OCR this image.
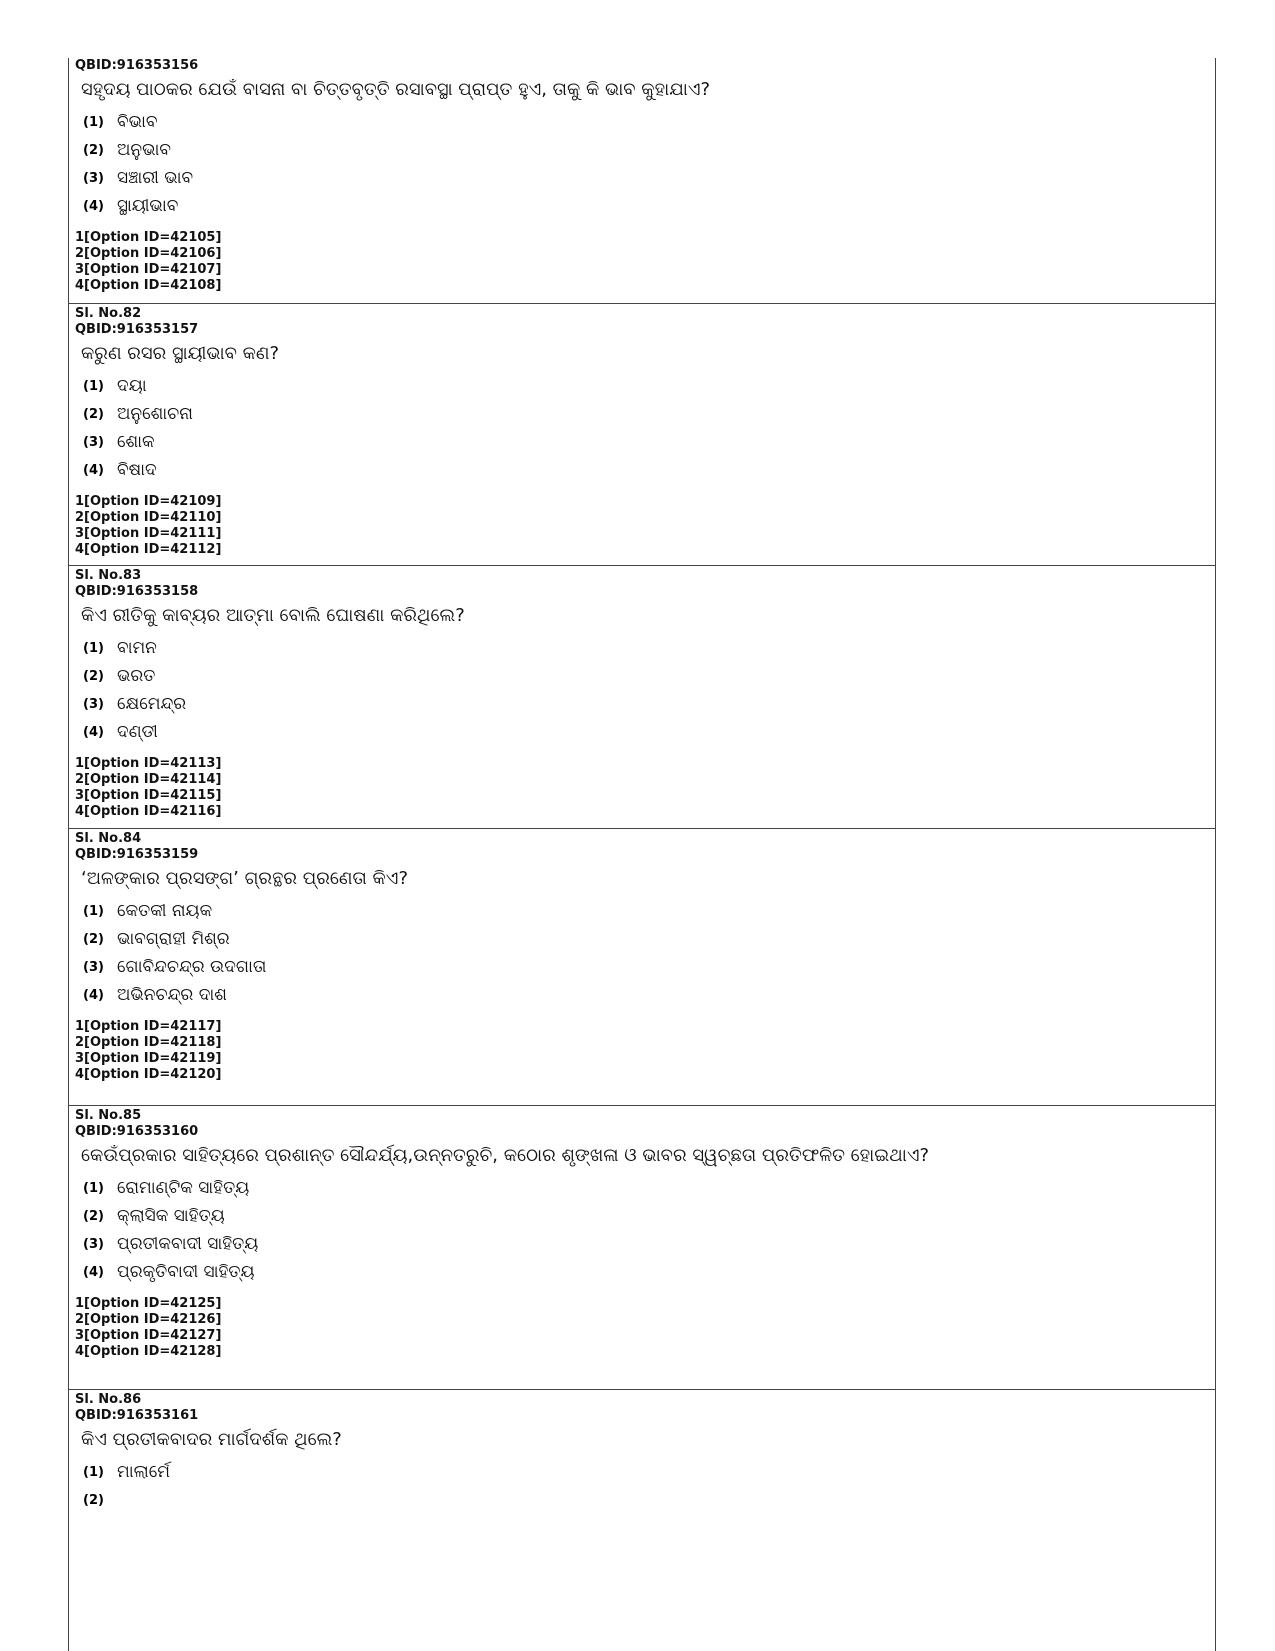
QBID:916353156
ସହୃଦୟ ପାଠକର ଯେଉଁ ବାସନା ବା ଚିତ୍ତବୃତ୍ତି ରସାବସ୍ଥା ପ୍ରାପ୍ତ ହୁଏ, ତାକୁ କି ଭାବ କୁହାଯାଏ?
(1) ବିଭାବ
(2) ଅନୁଭାବ
(3) ସଞ୍ଚାରୀ ଭାବ
(4) ସ୍ଥାୟୀଭାବ
1[Option ID=42105]
2[Option ID=42106]
3[Option ID=42107]
4[Option ID=42108]
Sl. No.82
QBID:916353157
କରୁଣ ରସର ସ୍ଥାୟୀଭାବ କଣ?
(1) ଦୟା
(2) ଅନୁଶୋଚନା
(3) ଶୋକ
(4) ବିଷାଦ
1[Option ID=42109]
2[Option ID=42110]
3[Option ID=42111]
4[Option ID=42112]
Sl. No.83
QBID:916353158
କିଏ ରୀତିକୁ କାବ୍ୟର ଆତ୍ମା ବୋଲି ଘୋଷଣା କରିଥିଲେ?
(1) ବାମନ
(2) ଭରତ
(3) କ୍ଷେମେନ୍ଦ୍ର
(4) ଦଣ୍ଡୀ
1[Option ID=42113]
2[Option ID=42114]
3[Option ID=42115]
4[Option ID=42116]
Sl. No.84
QBID:916353159
‘ଅଳଙ୍କାର ପ୍ରସଙ୍ଗ’ ଗ୍ରନ୍ଥର ପ୍ରଣେତା କିଏ?
(1) କେତକୀ ନାୟକ
(2) ଭାବଗ୍ରାହୀ ମିଶ୍ର
(3) ଗୋବିନ୍ଦଚନ୍ଦ୍ର ଉଦଗାତା
(4) ଅଭିନଚନ୍ଦ୍ର ଦାଶ
1[Option ID=42117]
2[Option ID=42118]
3[Option ID=42119]
4[Option ID=42120]
Sl. No.85
QBID:916353160
କେଉଁପ୍ରକାର ସାହିତ୍ୟରେ ପ୍ରଶାନ୍ତ ସୌନ୍ଦର୍ଯ୍ୟ,ଉନ୍ନତରୁଚି, କଠୋର ଶୃଙ୍ଖଳା ଓ ଭାବର ସ୍ୱଚ୍ଛତା ପ୍ରତିଫଳିତ ହୋଇଥାଏ?
(1) ରୋମାଣ୍ଟିକ ସାହିତ୍ୟ
(2) କ୍ଲାସିକ ସାହିତ୍ୟ
(3) ପ୍ରତୀକବାଦୀ ସାହିତ୍ୟ
(4) ପ୍ରକୃତିବାଦୀ ସାହିତ୍ୟ
1[Option ID=42125]
2[Option ID=42126]
3[Option ID=42127]
4[Option ID=42128]
Sl. No.86
QBID:916353161
କିଏ ପ୍ରତୀକବାଦର ମାର୍ଗଦର୍ଶକ ଥିଲେ?
(1) ମାଲାର୍ମେ
(2)
